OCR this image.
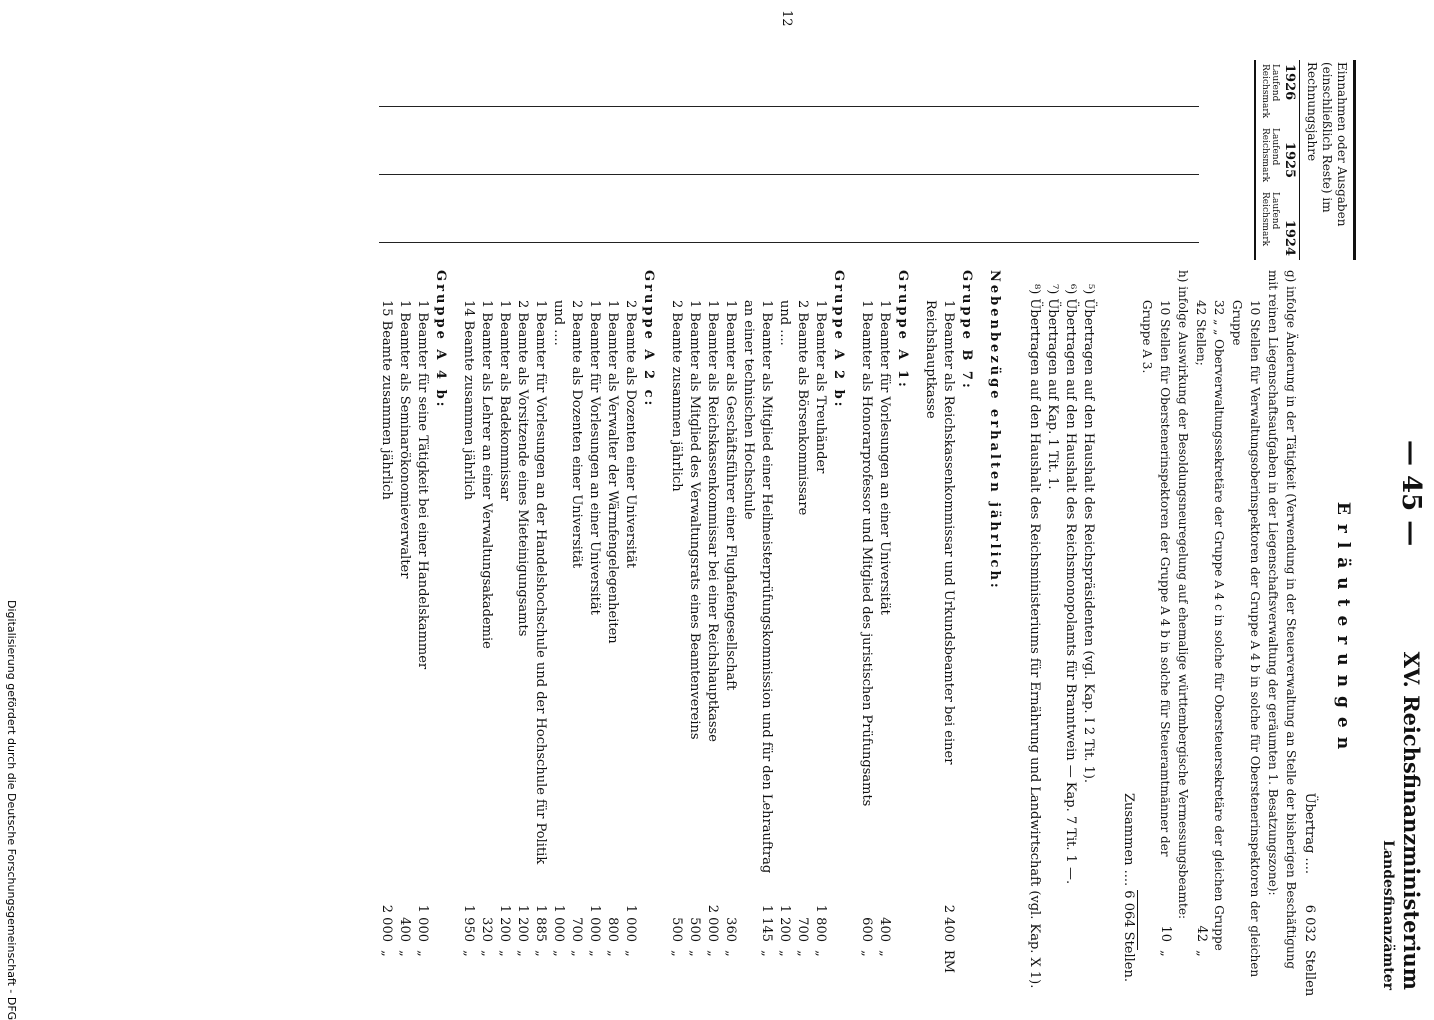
— 45 —
XV. Reichsfinanzministerium
Landesfinanzämter
Einnahmen oder Ausgaben (einschließlich Reste) im Rechnungsjahre
1926
1925
1924
Laufend Reichsmark
Laufend Reichsmark
Laufend Reichsmark
Erläuterungen
Übertrag ....
6 032
Stellen
g) infolge Änderung in der Tätigkeit (Verwendung in der Steuerverwaltung an Stelle der bisherigen Beschäftigung mit reinen Liegenschaftsaufgaben in der Liegenschaftsverwaltung der geräumten 1. Besatzungszone):
10 Stellen für Verwaltungsoberinspektoren der Gruppe A 4 b in solche für Oberstenerinspektoren der gleichen Gruppe
32 „ „ Oberverwaltungssekretäre der Gruppe A 4 c in solche für Obersteuersekretäre der gleichen Gruppe
42 Stellen;
42
„
h) infolge Auswirkung der Besoldungsneuregelung auf ehemalige württembergische Vermessungsbeamte:
10 Stellen für Oberstenerinspektoren der Gruppe A 4 b in solche für Steueramtmänner der Gruppe A 3.
10
„
Zusammen .... 6 064 Stellen.
⁵) Übertragen auf den Haushalt des Reichspräsidenten (vgl. Kap. I 2 Tit. 1).
⁶) Übertragen auf den Haushalt des Reichsmonopolamts für Branntwein — Kap. 7 Tit. 1 —.
⁷) Übertragen auf Kap. 1 Tit. 1.
⁸) Übertragen auf den Haushalt des Reichsministeriums für Ernährung und Landwirtschaft (vgl. Kap. X 1).
Nebenbezüge erhalten jährlich:
Gruppe B 7:
1 Beamter als Reichskassenkommissar und Urkundsbeamter bei einer Reichshauptkasse
2 400
RM
Gruppe A 1:
1 Beamter für Vorlesungen an einer Universität
400
„
1 Beamter als Honorarprofessor und Mitglied des juristischen Prüfungsamts
600
„
Gruppe A 2 b:
1 Beamter als Treuhänder
1 800
„
2 Beamte als Börsenkommissare
700
„
und ....
1 200
„
1 Beamter als Mitglied einer Heilmeisterprüfungskommission und für den Lehrauftrag an einer technischen Hochschule
1 145
„
1 Beamter als Geschäftsführer einer Flughafengesellschaft
360
„
1 Beamter als Reichskassenkommissar bei einer Reichshauptkasse
2 000
„
1 Beamter als Mitglied des Verwaltungsrats eines Beamtenvereins
500
„
2 Beamte zusammen jährlich
500
„
Gruppe A 2 c:
2 Beamte als Dozenten einer Universität
1 000
„
1 Beamter als Verwalter der Wärmfengelegenheiten
800
„
1 Beamter für Vorlesungen an einer Universität
1 000
„
2 Beamte als Dozenten einer Universität
700
„
und ....
1 000
„
1 Beamter für Vorlesungen an der Handelshochschule und der Hochschule für Politik
1 885
„
2 Beamte als Vorsitzende eines Mieteinigungsamts
1 200
„
1 Beamter als Badekommissar
1 200
„
1 Beamter als Lehrer an einer Verwaltungsakademie
320
„
14 Beamte zusammen jährlich
1 950
„
Gruppe A 4 b:
1 Beamter für seine Tätigkeit bei einer Handelskammer
1 000
„
1 Beamter als Seminarökonomieverwalter
400
„
15 Beamte zusammen jährlich
2 000
„
12
Digitalisierung gefördert durch die Deutsche Forschungsgemeinschaft - DFG
